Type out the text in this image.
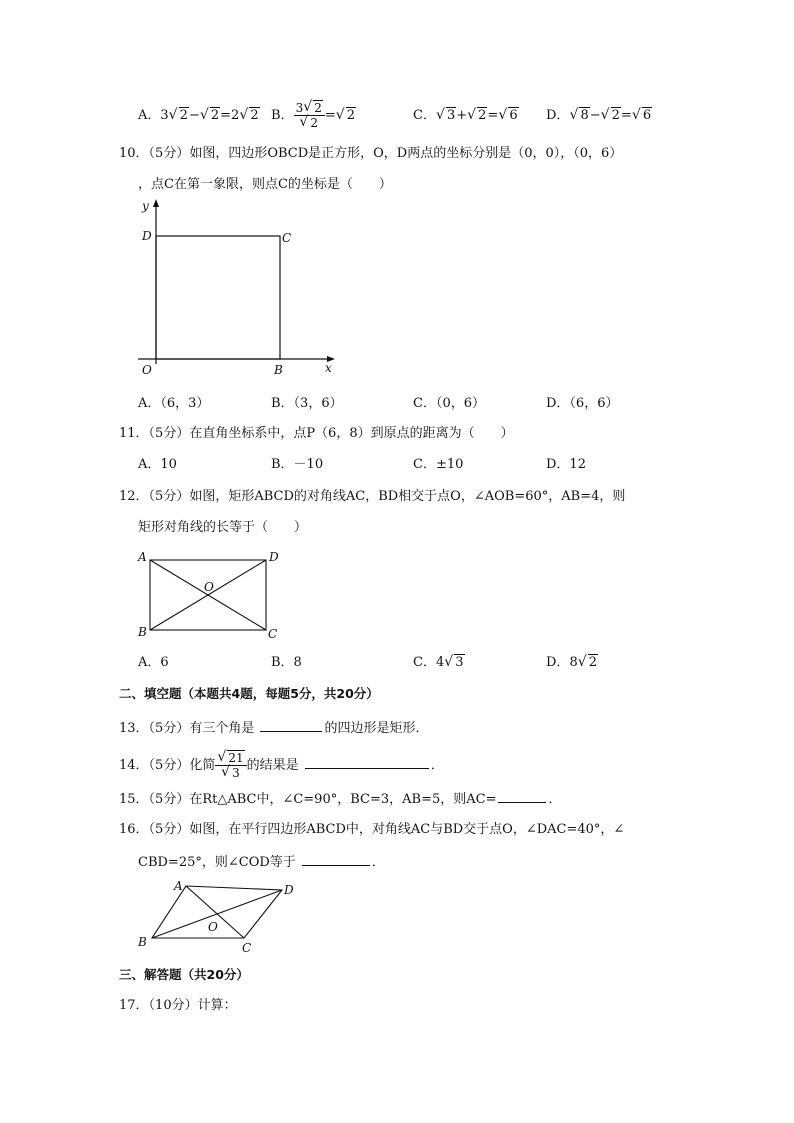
A．3 √ 2− √ 2=2 √ 2 B． 3 √ 2
√ 2 = √ 2	C． √ 3+ √ 2= √ 6 D． √ 8− √ 2= √ 6
10．（5分）如图，四边形OBCD是正方形，O，D两点的坐标分别是（0，0），（0，6）
，点C在第一象限，则点C的坐标是（　　）
y
D	C
O	B	x
A．（6，3）	B．（3，6）	C．（0，6）	D．（6，6）
11．（5分）在直角坐标系中，点P（6，8）到原点的距离为（　　）
A．10	B．－10	C．±10	D．12
12．（5分）如图，矩形ABCD的对角线AC，BD相交于点O，∠AOB=60°，AB=4，则
矩形对角线的长等于（　　）
A	D
O
B	C
A．6	B．8	C．4 √ 3	D．8 √ 2
二、填空题（本题共4题，每题5分，共20分）
13．（5分）有三个角是	的四边形是矩形．
14．（5分）化简 √ 21
√ 3 的结果是	．
15．（5分）在Rt△ABC中，∠C=90°，BC=3，AB=5，则AC=	．
16．（5分）如图，在平行四边形ABCD中，对角线AC与BD交于点O，∠DAC=40°，∠
CBD=25°，则∠COD等于	．
A	D
O
B	C
三、解答题（共20分）
17．（10分）计算：
